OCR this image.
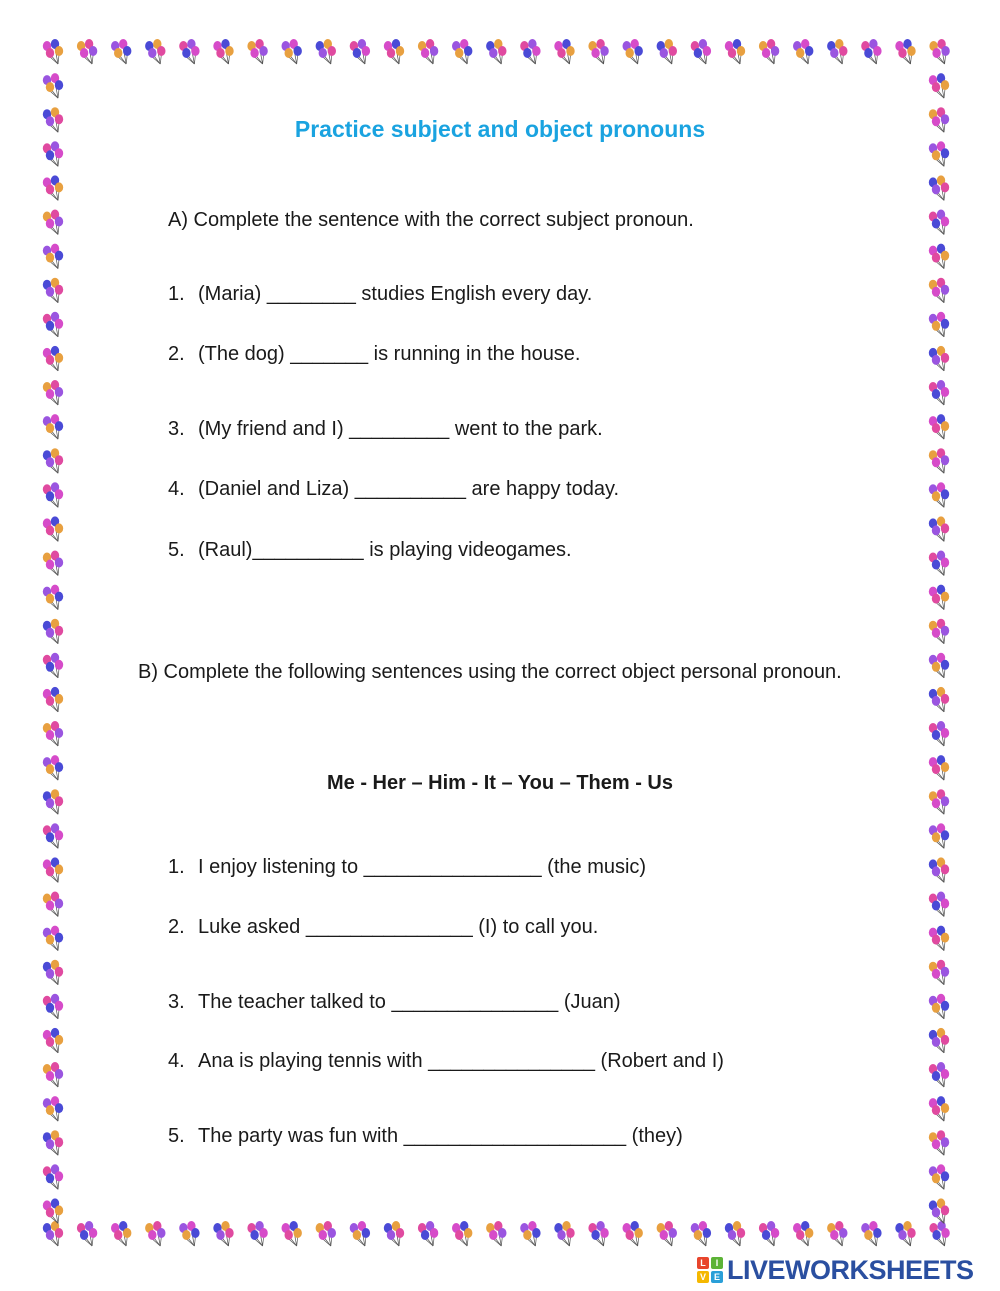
Practice subject and object pronouns
A) Complete the sentence with the correct subject pronoun.
1. (Maria) ________ studies English every day.
2. (The dog) _______ is running in the house.
3. (My friend and I) _________ went to the park.
4. (Daniel and Liza) __________ are happy today.
5. (Raul)__________ is playing videogames.
B) Complete the following sentences using the correct object personal pronoun.
Me - Her – Him - It – You – Them - Us
1. I enjoy listening to ________________ (the music)
2. Luke asked _______________ (I) to call you.
3. The teacher talked to _______________ (Juan)
4. Ana is playing tennis with _______________ (Robert and I)
5. The party was fun with ____________________ (they)
L	I
V E LIVEWORKSHEETS
